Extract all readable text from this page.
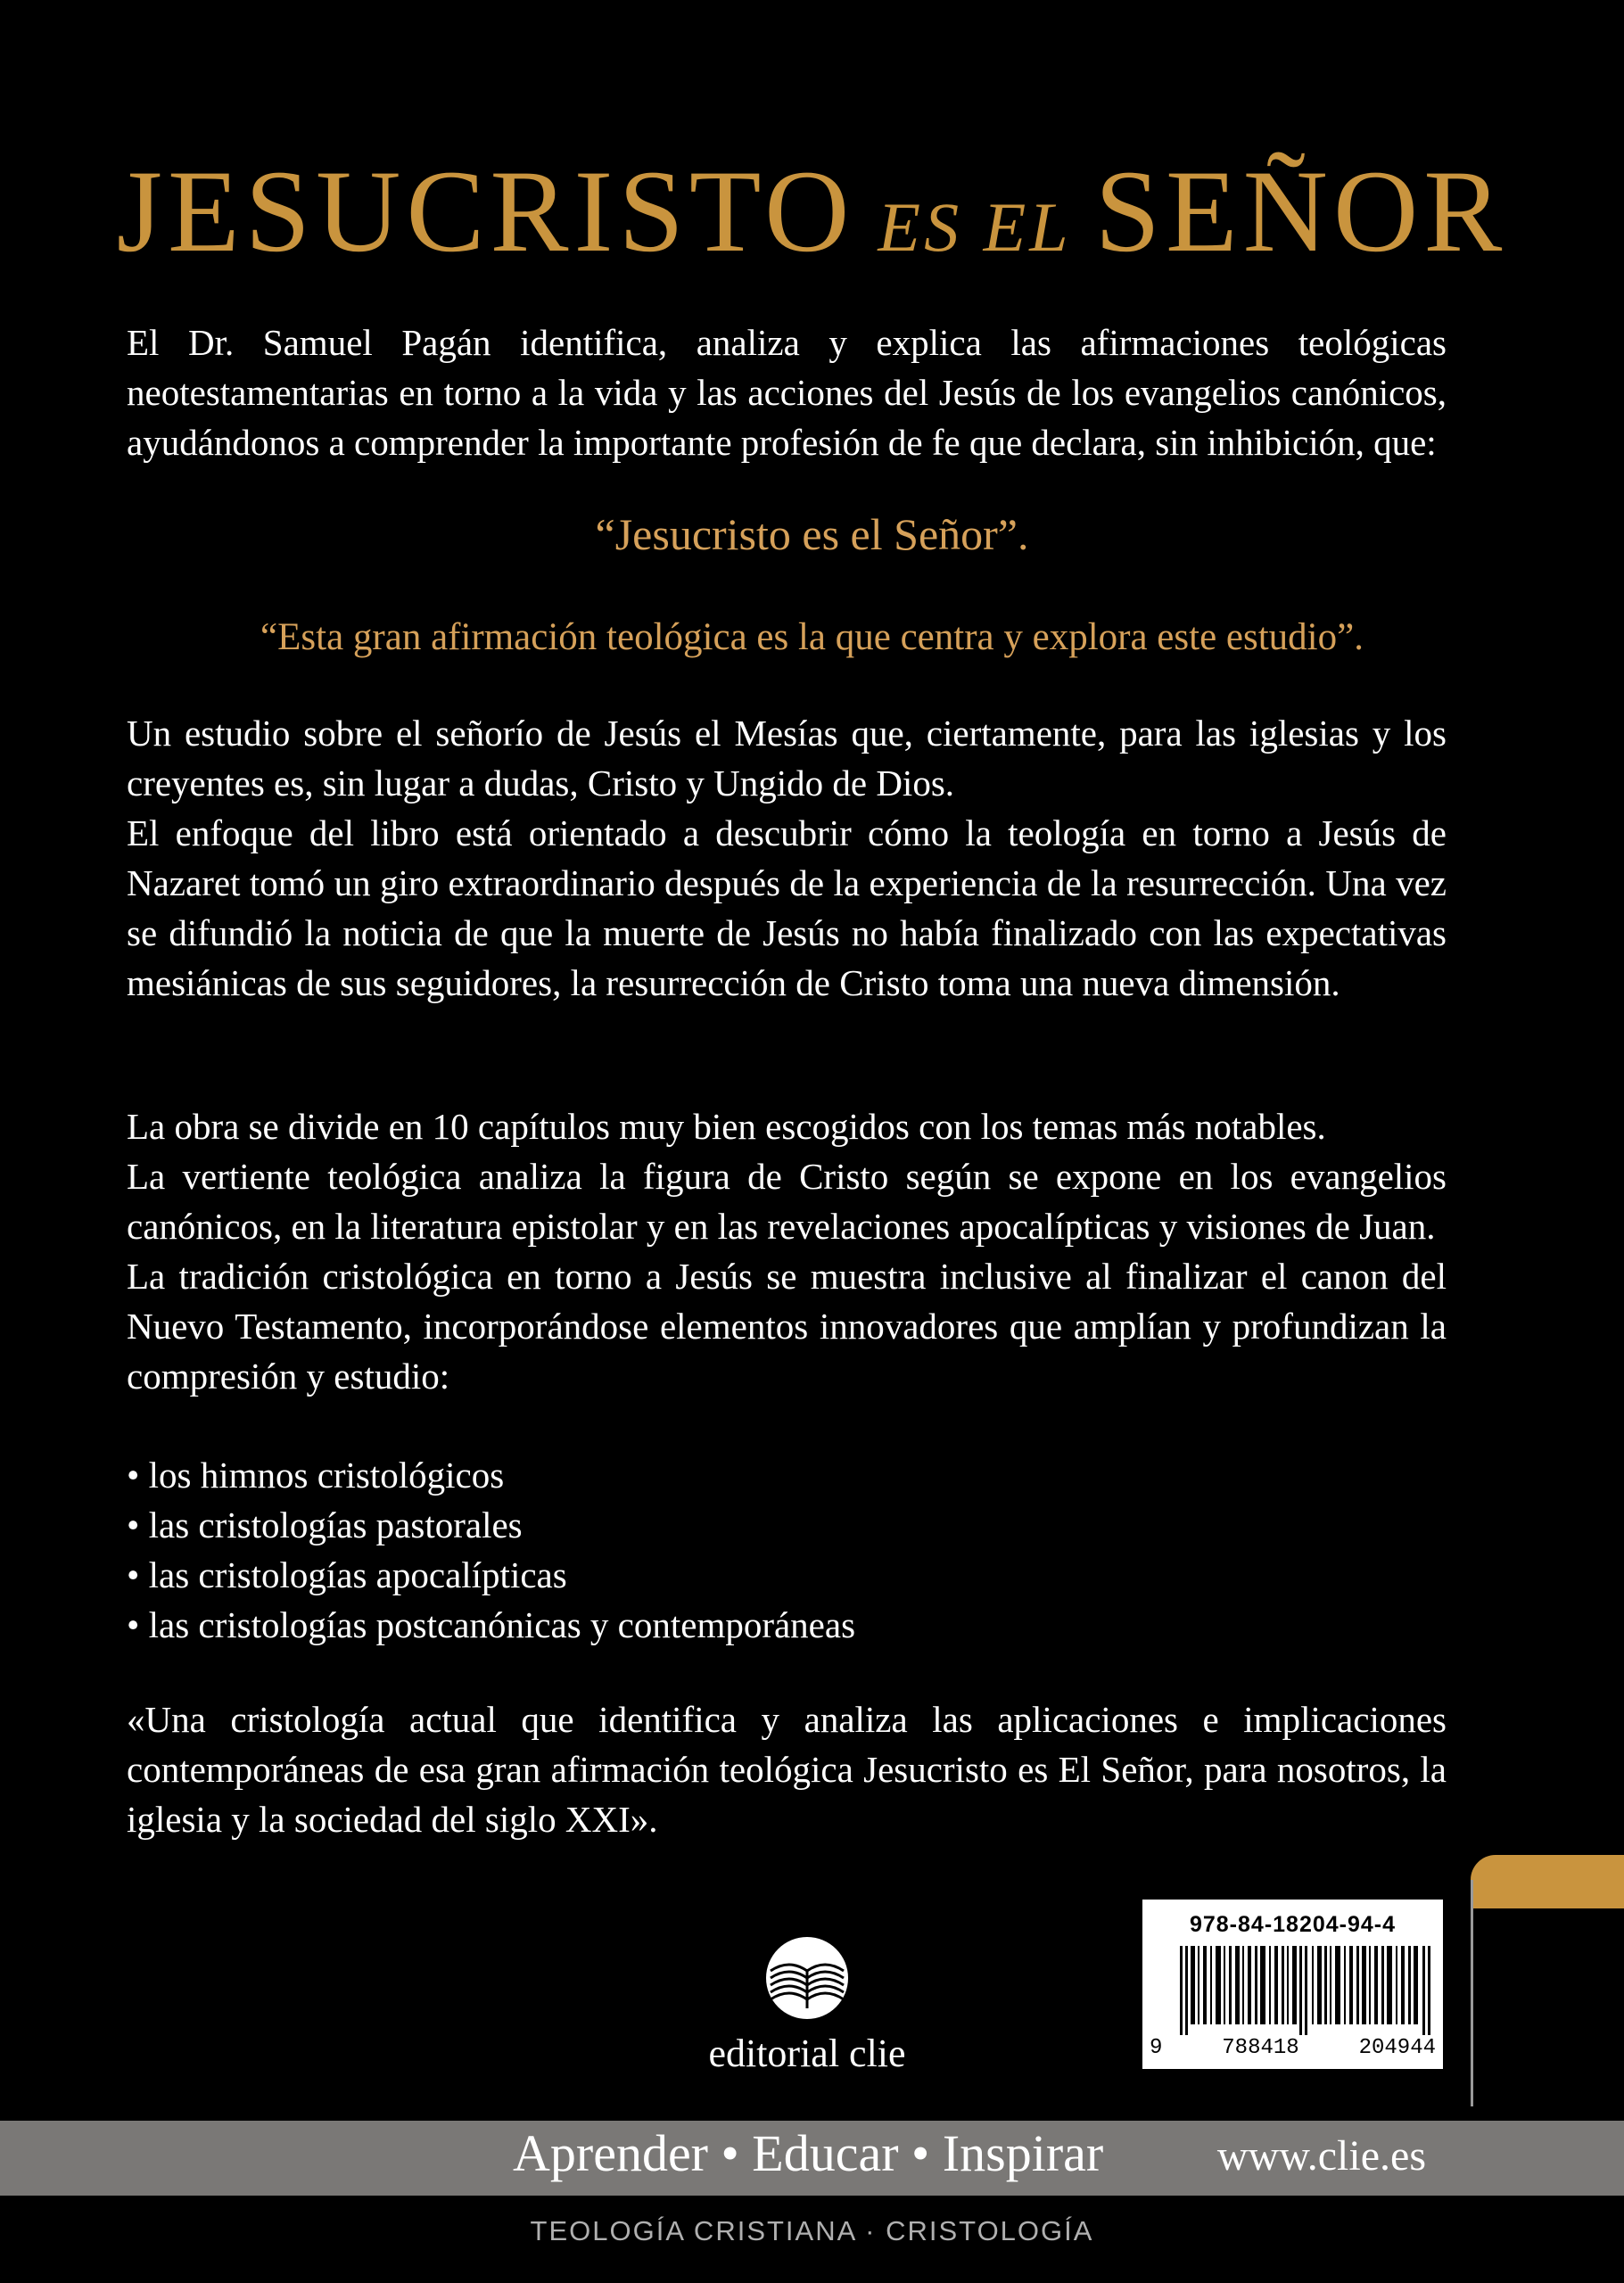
JESUCRISTO ES EL SEÑOR

El Dr. Samuel Pagán identifica, analiza y explica las afirmaciones teológicas neotestamentarias en torno a la vida y las acciones del Jesús de los evangelios canónicos, ayudándonos a comprender la importante profesión de fe que declara, sin inhibición, que:

“Jesucristo es el Señor”.
“Esta gran afirmación teológica es la que centra y explora este estudio”.

Un estudio sobre el señorío de Jesús el Mesías que, ciertamente, para las iglesias y los creyentes es, sin lugar a dudas, Cristo y Ungido de Dios.

El enfoque del libro está orientado a descubrir cómo la teología en torno a Jesús de Nazaret tomó un giro extraordinario después de la experiencia de la resurrección. Una vez se difundió la noticia de que la muerte de Jesús no había finalizado con las expectativas mesiánicas de sus seguidores, la resurrección de Cristo toma una nueva dimensión.

La obra se divide en 10 capítulos muy bien escogidos con los temas más notables.

La vertiente teológica analiza la figura de Cristo según se expone en los evangelios canónicos, en la literatura epistolar y en las revelaciones apocalípticas y visiones de Juan.

La tradición cristológica en torno a Jesús se muestra inclusive al finalizar el canon del Nuevo Testamento, incorporándose elementos innovadores que amplían y profundizan la compresión y estudio:

• los himnos cristológicos
• las cristologías pastorales
• las cristologías apocalípticas
• las cristologías postcanónicas y contemporáneas

«Una cristología actual que identifica y analiza las aplicaciones e implicaciones contemporáneas de esa gran afirmación teológica Jesucristo es El Señor, para nosotros, la iglesia y la sociedad del siglo XXI».

editorial clie
978-84-18204-94-4
9	788418	204944
Aprender • Educar • Inspirar	www.clie.es
TEOLOGÍA CRISTIANA · CRISTOLOGÍA
